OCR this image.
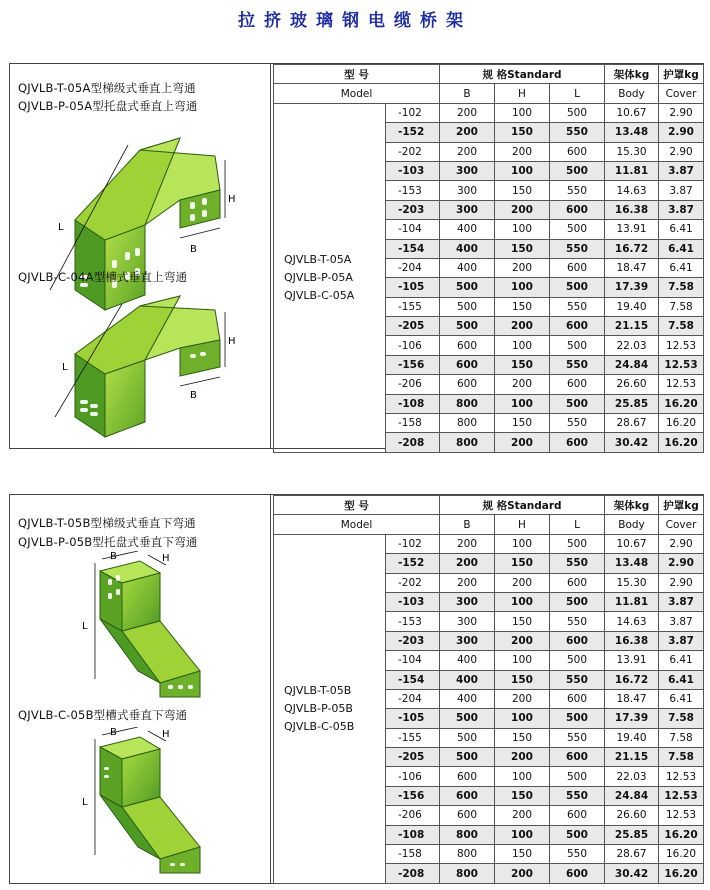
拉挤玻璃钢电缆桥架
QJVLB-T-05A型梯级式垂直上弯通
QJVLB-P-05A型托盘式垂直上弯通
L
H
B
QJVLB-C-04A型槽式垂直上弯通
L
H
B
型 号		规 格Standard			架体kg	护罩kg
Model		B	H	L	Body	Cover

QJVLB-T-05A
QJVLB-P-05A
QJVLB-C-05A	-102	200	100	500	10.67	2.90
	-152	200	150	550	13.48	2.90
	-202	200	200	600	15.30	2.90
	-103	300	100	500	11.81	3.87
	-153	300	150	550	14.63	3.87
	-203	300	200	600	16.38	3.87
	-104	400	100	500	13.91	6.41
	-154	400	150	550	16.72	6.41
	-204	400	200	600	18.47	6.41
	-105	500	100	500	17.39	7.58
	-155	500	150	550	19.40	7.58
	-205	500	200	600	21.15	7.58
	-106	600	100	500	22.03	12.53
	-156	600	150	550	24.84	12.53
	-206	600	200	600	26.60	12.53
	-108	800	100	500	25.85	16.20
	-158	800	150	550	28.67	16.20
	-208	800	200	600	30.42	16.20
QJVLB-T-05B型梯级式垂直下弯通
QJVLB-P-05B型托盘式垂直下弯通
L
B	H
QJVLB-C-05B型槽式垂直下弯通
L
B	H
型 号		规 格Standard			架体kg	护罩kg
Model		B	H	L	Body	Cover

QJVLB-T-05B
QJVLB-P-05B
QJVLB-C-05B	-102	200	100	500	10.67	2.90
	-152	200	150	550	13.48	2.90
	-202	200	200	600	15.30	2.90
	-103	300	100	500	11.81	3.87
	-153	300	150	550	14.63	3.87
	-203	300	200	600	16.38	3.87
	-104	400	100	500	13.91	6.41
	-154	400	150	550	16.72	6.41
	-204	400	200	600	18.47	6.41
	-105	500	100	500	17.39	7.58
	-155	500	150	550	19.40	7.58
	-205	500	200	600	21.15	7.58
	-106	600	100	500	22.03	12.53
	-156	600	150	550	24.84	12.53
	-206	600	200	600	26.60	12.53
	-108	800	100	500	25.85	16.20
	-158	800	150	550	28.67	16.20
	-208	800	200	600	30.42	16.20
